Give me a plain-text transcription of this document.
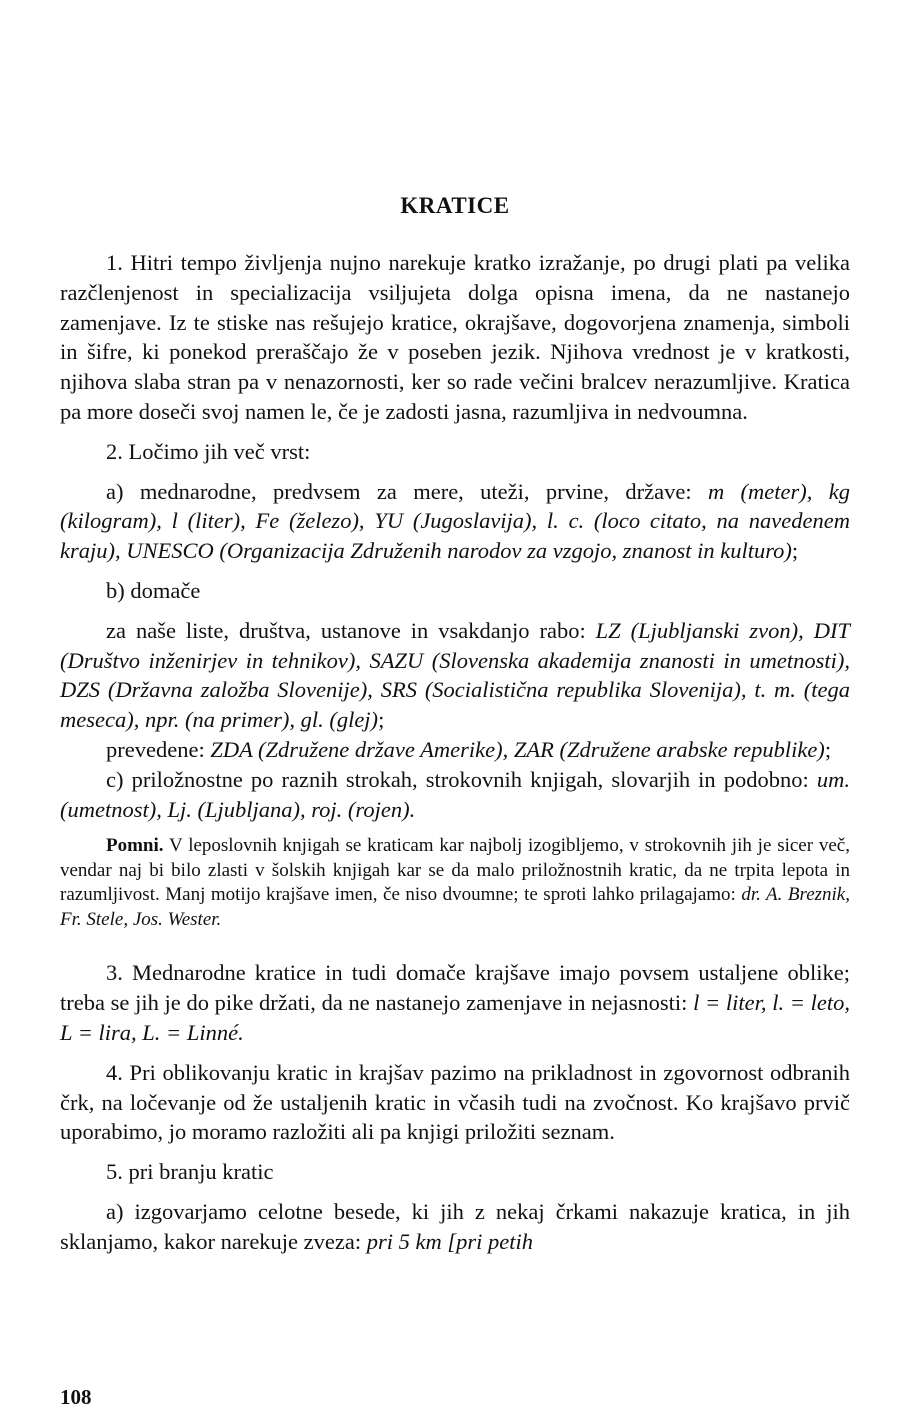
KRATICE

1. Hitri tempo življenja nujno narekuje kratko izražanje, po drugi plati pa velika razčlenjenost in specializacija vsiljujeta dolga opisna imena, da ne nastanejo zamenjave. Iz te stiske nas rešujejo kratice, okrajšave, dogovorjena znamenja, simboli in šifre, ki ponekod preraščajo že v poseben jezik. Njihova vrednost je v kratkosti, njihova slaba stran pa v nenazornosti, ker so rade večini bralcev nerazumljive. Kratica pa more doseči svoj namen le, če je zadosti jasna, razumljiva in nedvoumna.

2. Ločimo jih več vrst:

a) mednarodne, predvsem za mere, uteži, prvine, države: m (meter), kg (kilogram), l (liter), Fe (železo), YU (Jugoslavija), l. c. (loco citato, na navedenem kraju), UNESCO (Organizacija Združenih narodov za vzgojo, znanost in kulturo);

b) domače

za naše liste, društva, ustanove in vsakdanjo rabo: LZ (Ljubljanski zvon), DIT (Društvo inženirjev in tehnikov), SAZU (Slovenska akademija znanosti in umetnosti), DZS (Državna založba Slovenije), SRS (Socialistična republika Slovenija), t. m. (tega meseca), npr. (na primer), gl. (glej);

prevedene: ZDA (Združene države Amerike), ZAR (Združene arabske republike);

c) priložnostne po raznih strokah, strokovnih knjigah, slovarjih in podobno: um. (umetnost), Lj. (Ljubljana), roj. (rojen).

Pomni. V leposlovnih knjigah se kraticam kar najbolj izogibljemo, v strokovnih jih je sicer več, vendar naj bi bilo zlasti v šolskih knjigah kar se da malo priložnostnih kratic, da ne trpita lepota in razumljivost. Manj motijo krajšave imen, če niso dvoumne; te sproti lahko prilagajamo: dr. A. Breznik, Fr. Stele, Jos. Wester.

3. Mednarodne kratice in tudi domače krajšave imajo povsem ustaljene oblike; treba se jih je do pike držati, da ne nastanejo zamenjave in nejasnosti: l = liter, l. = leto, L = lira, L. = Linné.

4. Pri oblikovanju kratic in krajšav pazimo na prikladnost in zgovornost odbranih črk, na ločevanje od že ustaljenih kratic in včasih tudi na zvočnost. Ko krajšavo prvič uporabimo, jo moramo razložiti ali pa knjigi priložiti seznam.

5. pri branju kratic

a) izgovarjamo celotne besede, ki jih z nekaj črkami nakazuje kratica, in jih sklanjamo, kakor narekuje zveza: pri 5 km [pri petih

108
